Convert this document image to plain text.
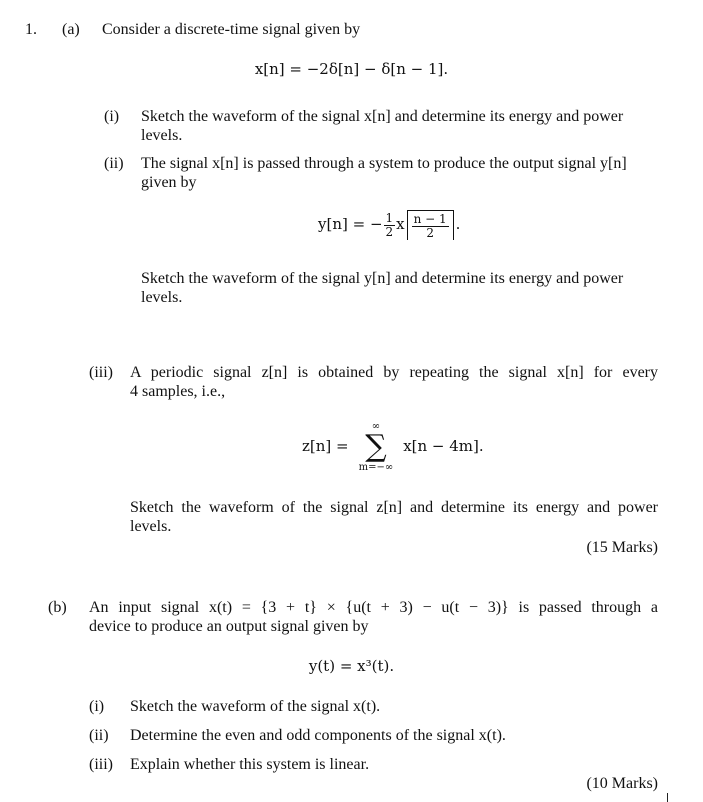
1. (a) Consider a discrete-time signal given by
x[n] = −2δ[n] − δ[n − 1].
(i) Sketch the waveform of the signal x[n] and determine its energy and power
levels.
(ii) The signal x[n] is passed through a system to produce the output signal y[n]
given by
y[n] = − $\frac{1}{2}$ x $\frac{n - 1}{2}$ .
Sketch the waveform of the signal y[n] and determine its energy and power
levels.
(iii) A periodic signal z[n] is obtained by repeating the signal x[n] for every
4 samples, i.e.,
z[n] =
∞
∑
m=−∞
x[n − 4m].
Sketch the waveform of the signal z[n] and determine its energy and power
levels.
(15 Marks)
(b) An input signal x(t) = {3 + t} × {u(t + 3) − u(t − 3)} is passed through a
device to produce an output signal given by
y(t) = x³(t).
(i) Sketch the waveform of the signal x(t).
(ii) Determine the even and odd components of the signal x(t).
(iii) Explain whether this system is linear.
(10 Marks)
